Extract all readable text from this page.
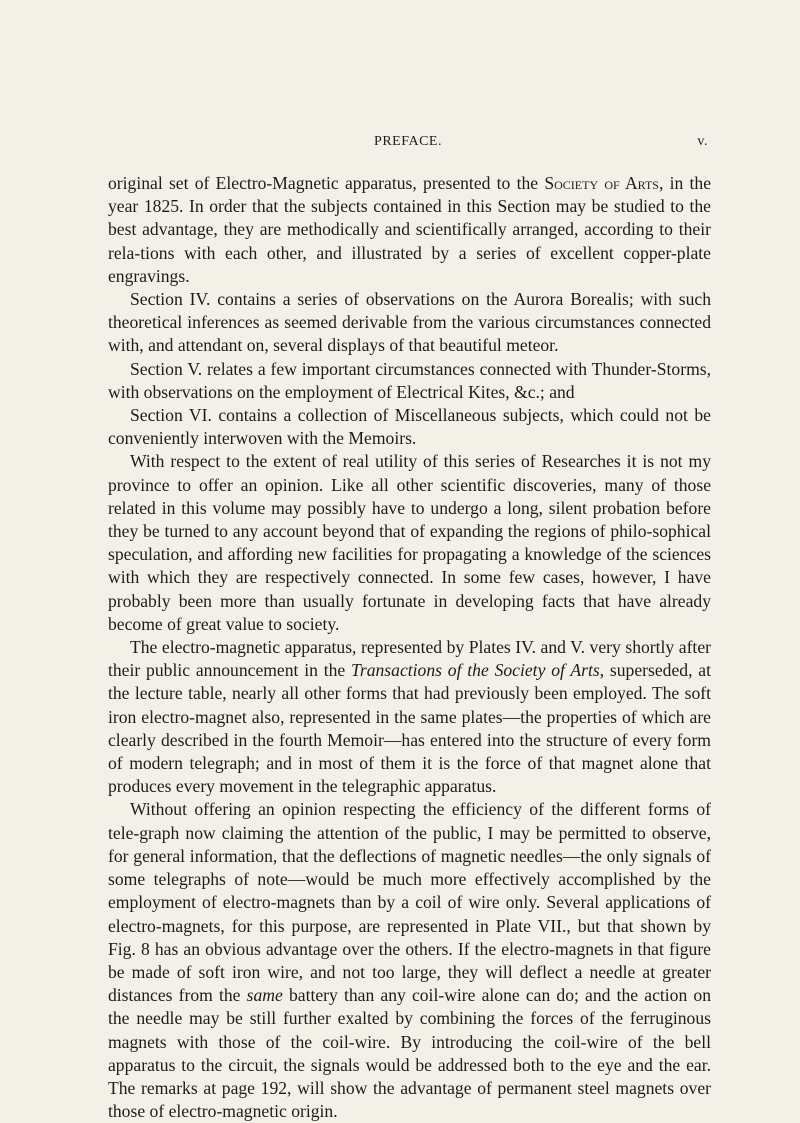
PREFACE.	v.

original set of Electro-Magnetic apparatus, presented to the Society of Arts, in the year 1825. In order that the subjects contained in this Section may be studied to the best advantage, they are methodically and scientifically arranged, according to their rela-tions with each other, and illustrated by a series of excellent copper-plate engravings.

Section IV. contains a series of observations on the Aurora Borealis; with such theoretical inferences as seemed derivable from the various circumstances connected with, and attendant on, several displays of that beautiful meteor.

Section V. relates a few important circumstances connected with Thunder-Storms, with observations on the employment of Electrical Kites, &c.; and

Section VI. contains a collection of Miscellaneous subjects, which could not be conveniently interwoven with the Memoirs.

With respect to the extent of real utility of this series of Researches it is not my province to offer an opinion. Like all other scientific discoveries, many of those related in this volume may possibly have to undergo a long, silent probation before they be turned to any account beyond that of expanding the regions of philo-sophical speculation, and affording new facilities for propagating a knowledge of the sciences with which they are respectively connected. In some few cases, however, I have probably been more than usually fortunate in developing facts that have already become of great value to society.

The electro-magnetic apparatus, represented by Plates IV. and V. very shortly after their public announcement in the Transactions of the Society of Arts, superseded, at the lecture table, nearly all other forms that had previously been employed. The soft iron electro-magnet also, represented in the same plates—the properties of which are clearly described in the fourth Memoir—has entered into the structure of every form of modern telegraph; and in most of them it is the force of that magnet alone that produces every movement in the telegraphic apparatus.

Without offering an opinion respecting the efficiency of the different forms of tele-graph now claiming the attention of the public, I may be permitted to observe, for general information, that the deflections of magnetic needles—the only signals of some telegraphs of note—would be much more effectively accomplished by the employment of electro-magnets than by a coil of wire only. Several applications of electro-magnets, for this purpose, are represented in Plate VII., but that shown by Fig. 8 has an obvious advantage over the others. If the electro-magnets in that figure be made of soft iron wire, and not too large, they will deflect a needle at greater distances from the same battery than any coil-wire alone can do; and the action on the needle may be still further exalted by combining the forces of the ferruginous magnets with those of the coil-wire. By introducing the coil-wire of the bell apparatus to the circuit, the signals would be addressed both to the eye and the ear. The remarks at page 192, will show the advantage of permanent steel magnets over those of electro-magnetic origin.
